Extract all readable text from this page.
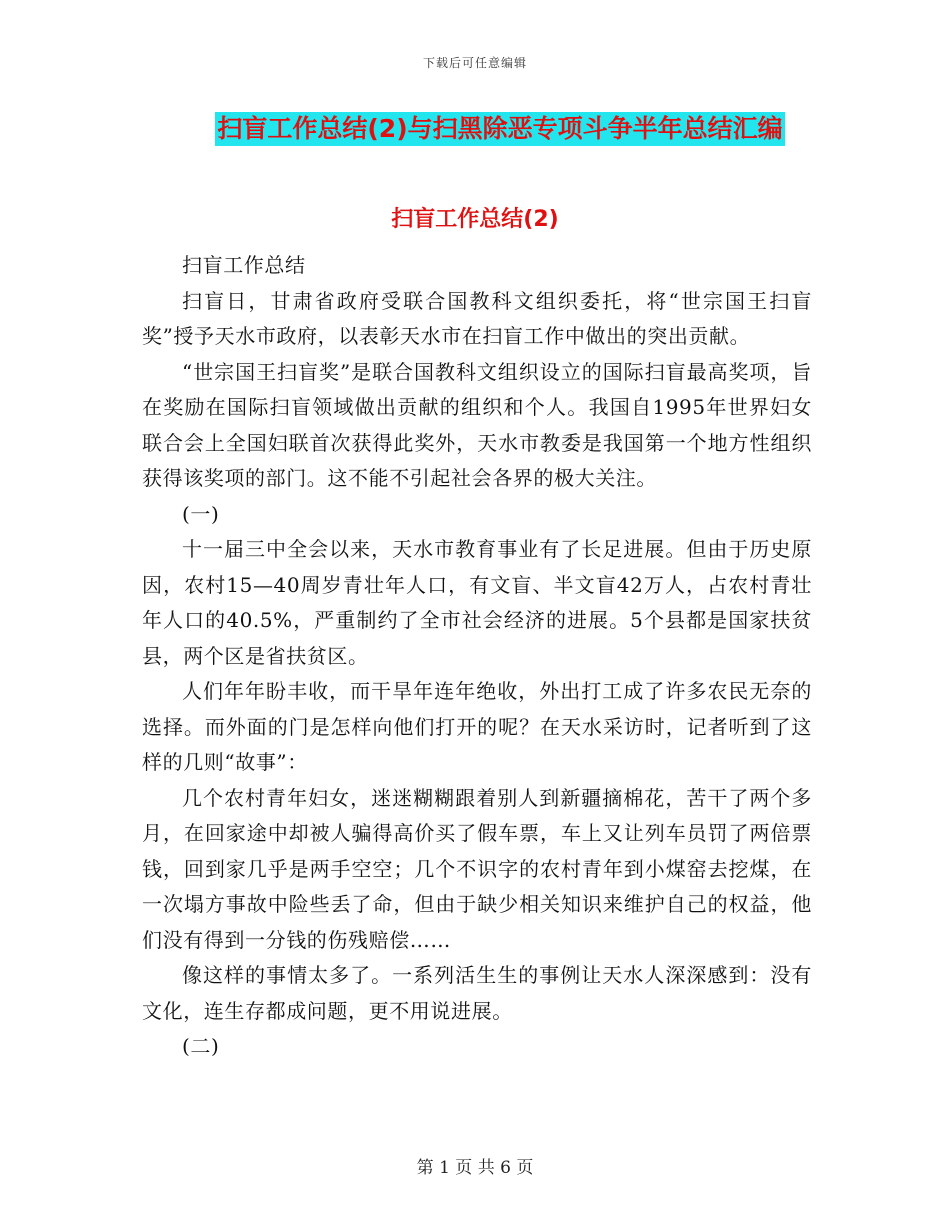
下载后可任意编辑
扫盲工作总结(2)与扫黑除恶专项斗争半年总结汇编
扫盲工作总结(2)

扫盲工作总结

扫盲日，甘肃省政府受联合国教科文组织委托，将“世宗国王扫盲奖”授予天水市政府，以表彰天水市在扫盲工作中做出的突出贡献。

“世宗国王扫盲奖”是联合国教科文组织设立的国际扫盲最高奖项，旨在奖励在国际扫盲领域做出贡献的组织和个人。我国自1995年世界妇女联合会上全国妇联首次获得此奖外，天水市教委是我国第一个地方性组织获得该奖项的部门。这不能不引起社会各界的极大关注。

(一)

十一届三中全会以来，天水市教育事业有了长足进展。但由于历史原因，农村15—40周岁青壮年人口，有文盲、半文盲42万人，占农村青壮年人口的40.5%，严重制约了全市社会经济的进展。5个县都是国家扶贫县，两个区是省扶贫区。

人们年年盼丰收，而干旱年连年绝收，外出打工成了许多农民无奈的选择。而外面的门是怎样向他们打开的呢？在天水采访时，记者听到了这样的几则“故事”：

几个农村青年妇女，迷迷糊糊跟着别人到新疆摘棉花，苦干了两个多月，在回家途中却被人骗得高价买了假车票，车上又让列车员罚了两倍票钱，回到家几乎是两手空空；几个不识字的农村青年到小煤窑去挖煤，在一次塌方事故中险些丢了命，但由于缺少相关知识来维护自己的权益，他们没有得到一分钱的伤残赔偿……

像这样的事情太多了。一系列活生生的事例让天水人深深感到：没有文化，连生存都成问题，更不用说进展。

(二)

第 1 页 共 6 页
